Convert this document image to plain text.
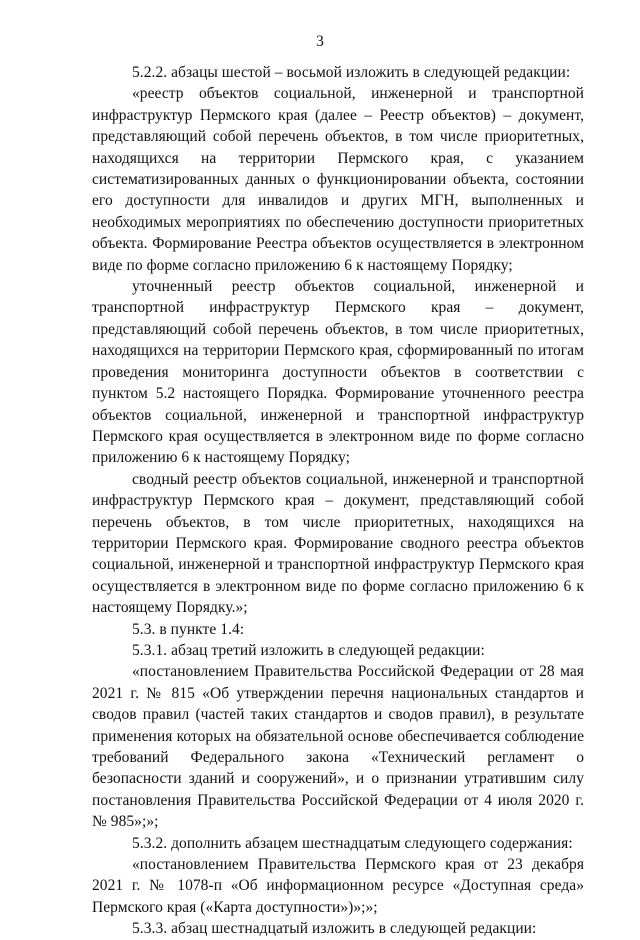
3

5.2.2. абзацы шестой – восьмой изложить в следующей редакции:

«реестр объектов социальной, инженерной и транспортной инфраструктур Пермского края (далее – Реестр объектов) – документ, представляющий собой перечень объектов, в том числе приоритетных, находящихся на территории Пермского края, с указанием систематизированных данных о функционировании объекта, состоянии его доступности для инвалидов и других МГН, выполненных и необходимых мероприятиях по обеспечению доступности приоритетных объекта. Формирование Реестра объектов осуществляется в электронном виде по форме согласно приложению 6 к настоящему Порядку;

уточненный реестр объектов социальной, инженерной и транспортной инфраструктур Пермского края – документ, представляющий собой перечень объектов, в том числе приоритетных, находящихся на территории Пермского края, сформированный по итогам проведения мониторинга доступности объектов в соответствии с пунктом 5.2 настоящего Порядка. Формирование уточненного реестра объектов социальной, инженерной и транспортной инфраструктур Пермского края осуществляется в электронном виде по форме согласно приложению 6 к настоящему Порядку;

сводный реестр объектов социальной, инженерной и транспортной инфраструктур Пермского края – документ, представляющий собой перечень объектов, в том числе приоритетных, находящихся на территории Пермского края. Формирование сводного реестра объектов социальной, инженерной и транспортной инфраструктур Пермского края осуществляется в электронном виде по форме согласно приложению 6 к настоящему Порядку.»;

5.3. в пункте 1.4:

5.3.1. абзац третий изложить в следующей редакции:

«постановлением Правительства Российской Федерации от 28 мая 2021 г. № 815 «Об утверждении перечня национальных стандартов и сводов правил (частей таких стандартов и сводов правил), в результате применения которых на обязательной основе обеспечивается соблюдение требований Федерального закона «Технический регламент о безопасности зданий и сооружений», и о признании утратившим силу постановления Правительства Российской Федерации от 4 июля 2020 г. № 985»;»;

5.3.2. дополнить абзацем шестнадцатым следующего содержания:

«постановлением Правительства Пермского края от 23 декабря 2021 г. № 1078-п «Об информационном ресурсе «Доступная среда» Пермского края («Карта доступности»)»;»;

5.3.3. абзац шестнадцатый изложить в следующей редакции:
